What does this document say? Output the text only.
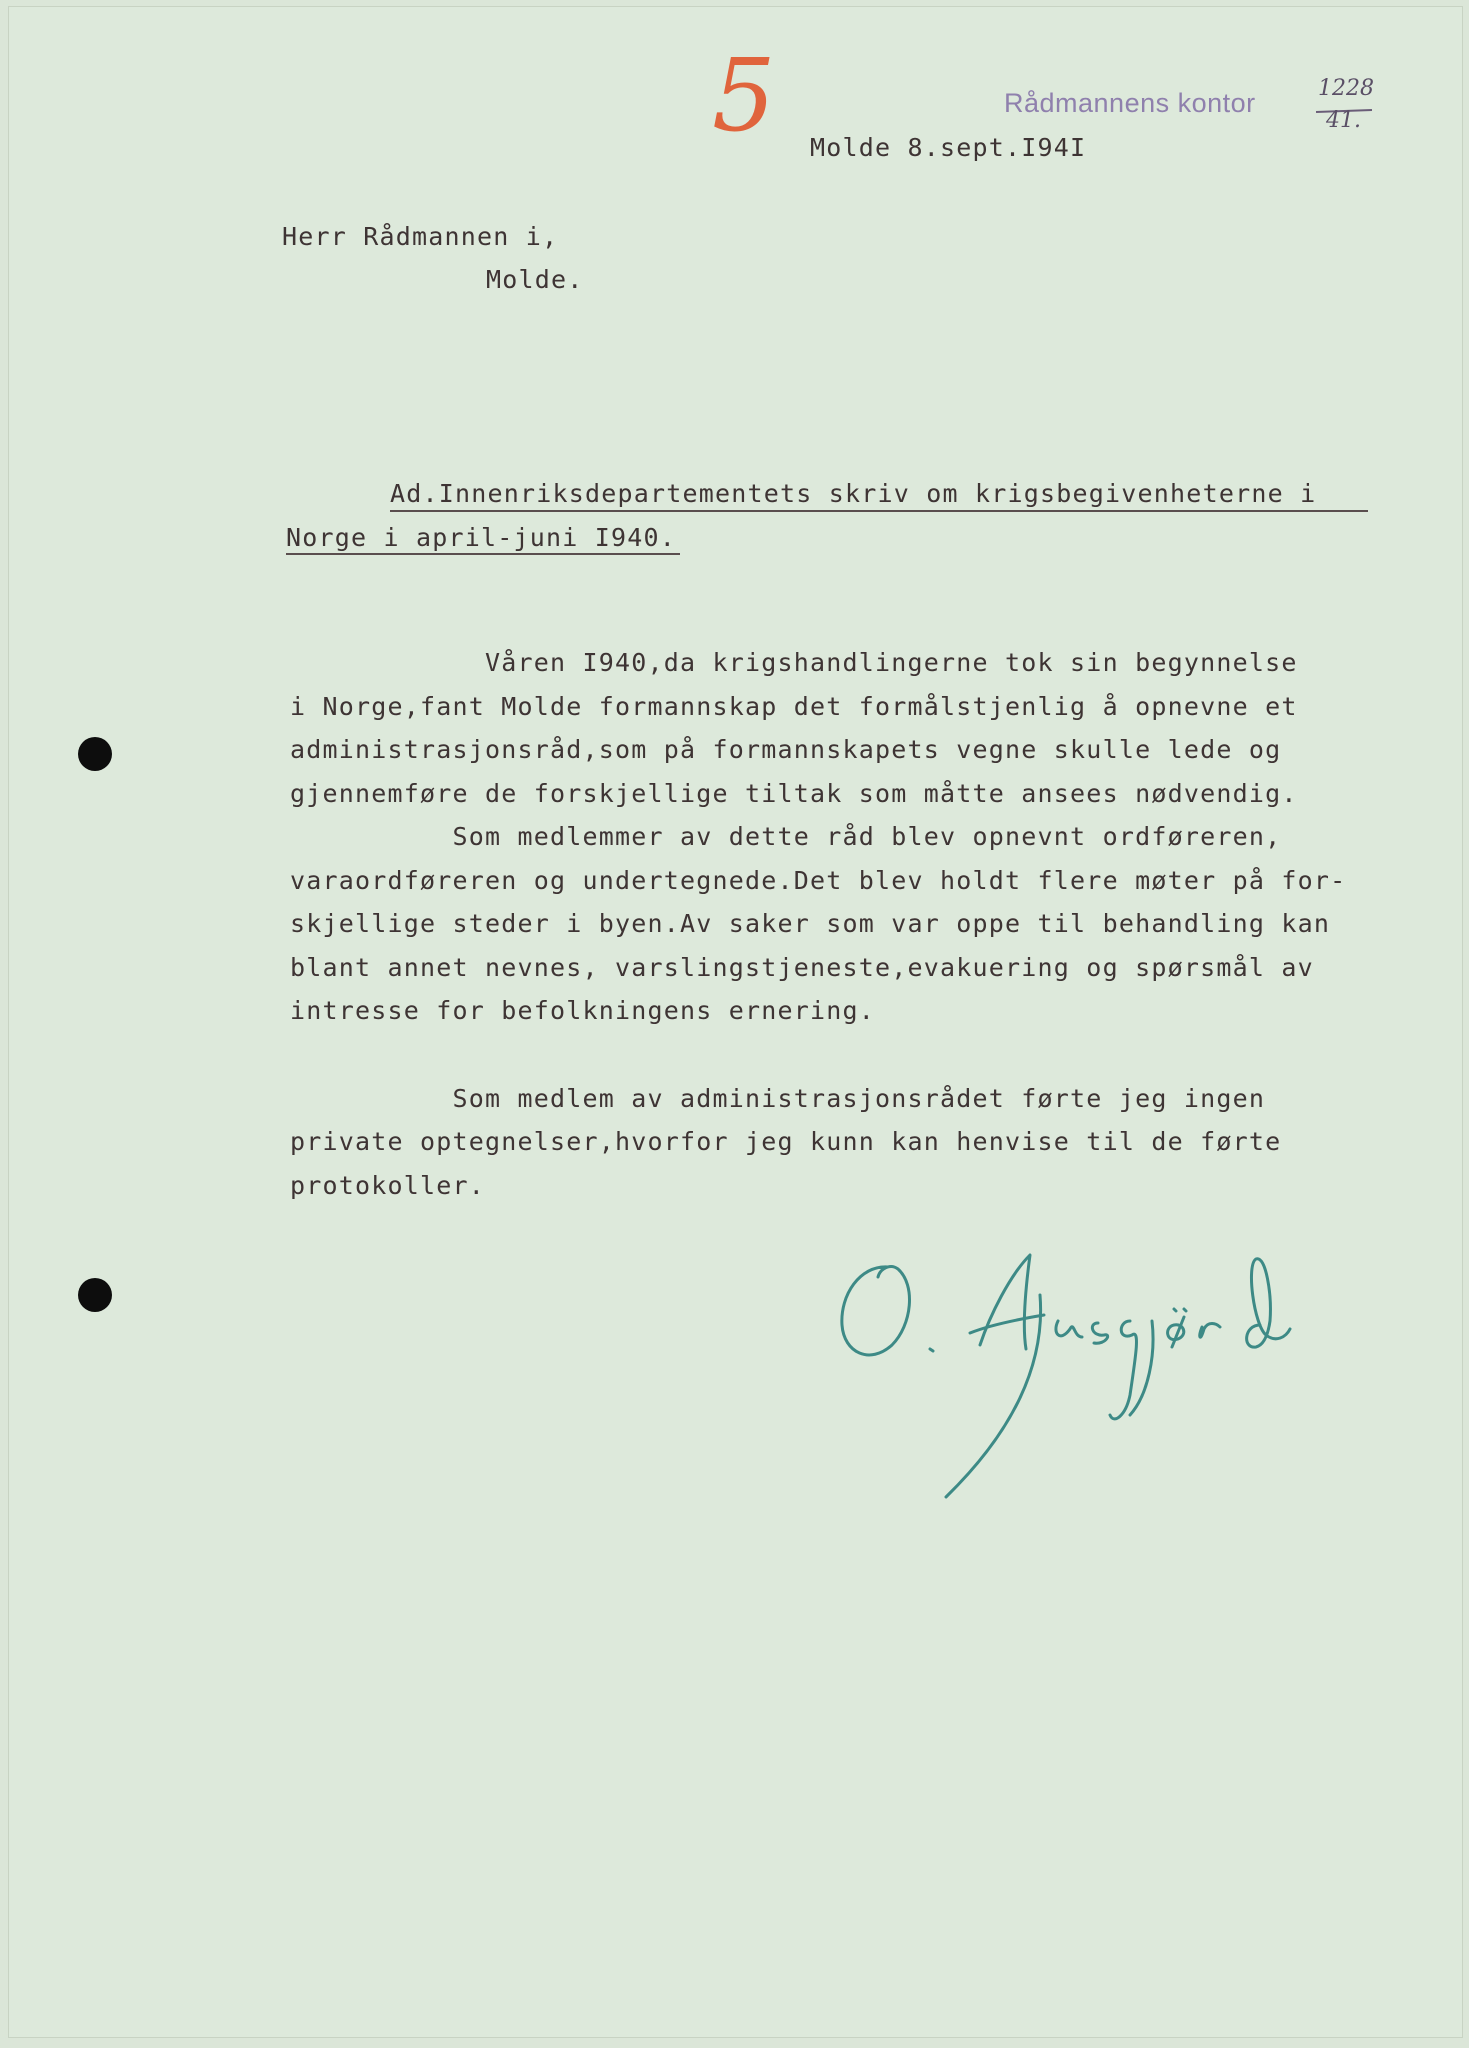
5	Rådmannens kontor	1228
41.
Molde 8.sept.I94I
Herr Rådmannen i,
Molde.
Ad.Innenriksdepartementets skriv om krigsbegivenheterne i
Norge i april-juni I940.
Våren I940,da krigshandlingerne tok sin begynnelse
i Norge,fant Molde formannskap det formålstjenlig å opnevne et
administrasjonsråd,som på formannskapets vegne skulle lede og
gjennemføre de forskjellige tiltak som måtte ansees nødvendig.
Som medlemmer av dette råd blev opnevnt ordføreren,
varaordføreren og undertegnede.Det blev holdt flere møter på for-
skjellige steder i byen.Av saker som var oppe til behandling kan
blant annet nevnes, varslingstjeneste,evakuering og spørsmål av
intresse for befolkningens ernering.
Som medlem av administrasjonsrådet førte jeg ingen
private optegnelser,hvorfor jeg kunn kan henvise til de førte
protokoller.
